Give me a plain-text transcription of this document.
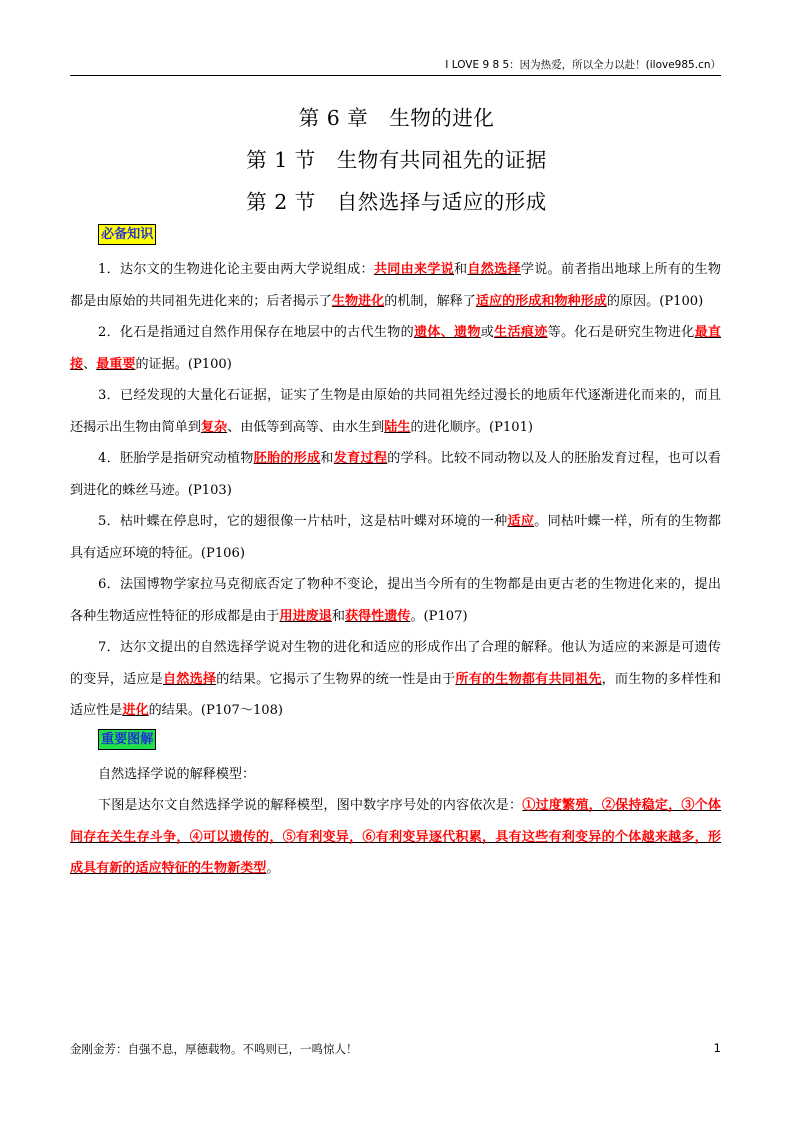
I LOVE 9 8 5：因为热爱，所以全力以赴！(ilove985.cn）
第 6 章　生物的进化
第 1 节　生物有共同祖先的证据
第 2 节　自然选择与适应的形成
必备知识

1．达尔文的生物进化论主要由两大学说组成：共同由来学说和自然选择学说。前者指出地球上所有的生物都是由原始的共同祖先进化来的；后者揭示了生物进化的机制，解释了适应的形成和物种形成的原因。(P100)

2．化石是指通过自然作用保存在地层中的古代生物的遗体、遗物或生活痕迹等。化石是研究生物进化最直接、最重要的证据。(P100)

3．已经发现的大量化石证据，证实了生物是由原始的共同祖先经过漫长的地质年代逐渐进化而来的，而且还揭示出生物由简单到复杂、由低等到高等、由水生到陆生的进化顺序。(P101)

4．胚胎学是指研究动植物胚胎的形成和发育过程的学科。比较不同动物以及人的胚胎发育过程，也可以看到进化的蛛丝马迹。(P103)

5．枯叶蝶在停息时，它的翅很像一片枯叶，这是枯叶蝶对环境的一种适应。同枯叶蝶一样，所有的生物都具有适应环境的特征。(P106)

6．法国博物学家拉马克彻底否定了物种不变论，提出当今所有的生物都是由更古老的生物进化来的，提出各种生物适应性特征的形成都是由于用进废退和获得性遗传。(P107)

7．达尔文提出的自然选择学说对生物的进化和适应的形成作出了合理的解释。他认为适应的来源是可遗传的变异，适应是自然选择的结果。它揭示了生物界的统一性是由于所有的生物都有共同祖先，而生物的多样性和适应性是进化的结果。(P107～108)

重要图解

自然选择学说的解释模型：

下图是达尔文自然选择学说的解释模型，图中数字序号处的内容依次是：①过度繁殖，②保持稳定，③个体间存在关生存斗争，④可以遗传的，⑤有利变异，⑥有利变异逐代积累，具有这些有利变异的个体越来越多，形成具有新的适应特征的生物新类型。

金刚金芳：自强不息，厚德载物。不鸣则已，一鸣惊人！	1
